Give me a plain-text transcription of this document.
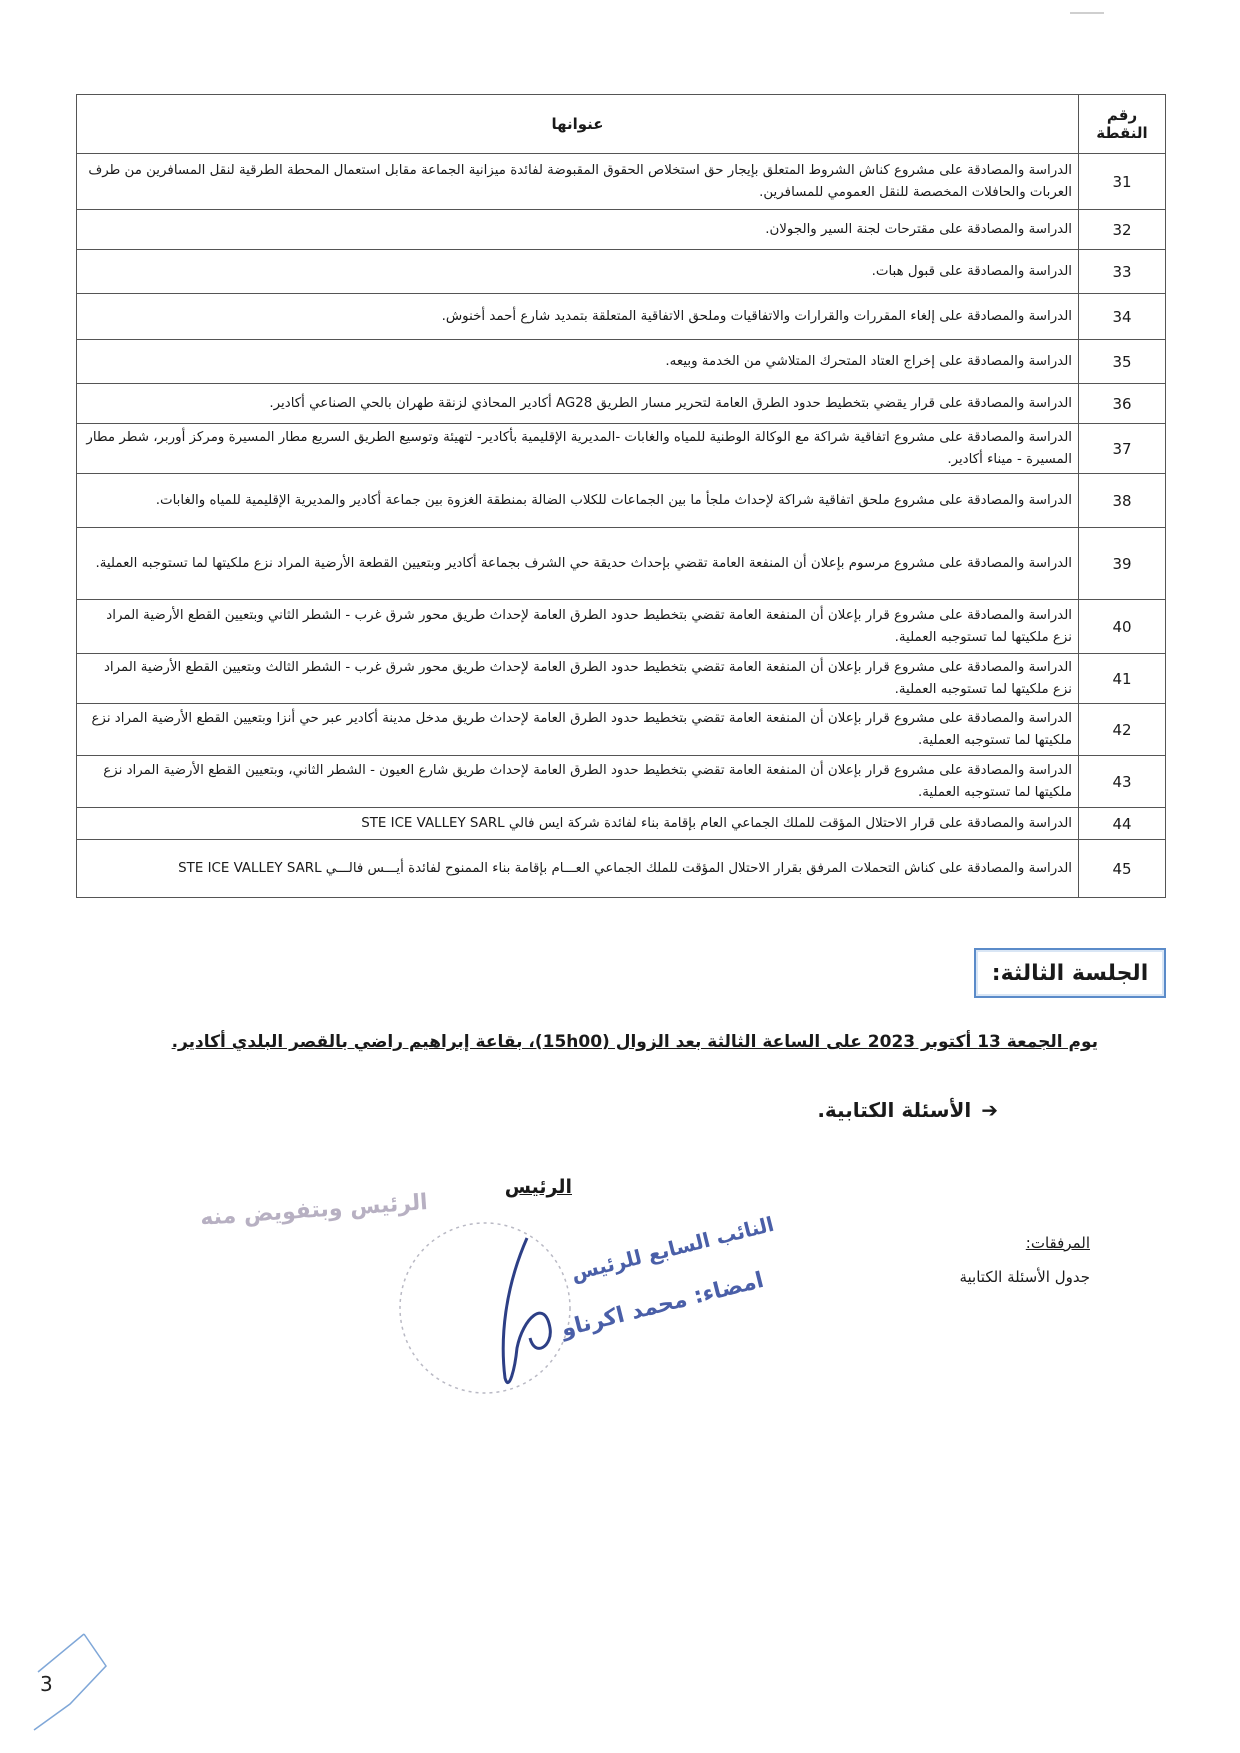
رقم النقطة	عنوانها
31	الدراسة والمصادقة على مشروع كناش الشروط المتعلق بإيجار حق استخلاص الحقوق المقبوضة لفائدة ميزانية الجماعة مقابل استعمال المحطة الطرقية لنقل المسافرين من طرف العربات والحافلات المخصصة للنقل العمومي للمسافرين.
32	الدراسة والمصادقة على مقترحات لجنة السير والجولان.
33	الدراسة والمصادقة على قبول هبات.
34	الدراسة والمصادقة على إلغاء المقررات والقرارات والاتفاقيات وملحق الاتفاقية المتعلقة بتمديد شارع أحمد أخنوش.
35	الدراسة والمصادقة على إخراج العتاد المتحرك المتلاشي من الخدمة وبيعه.
36	الدراسة والمصادقة على قرار يقضي بتخطيط حدود الطرق العامة لتحرير مسار الطريق AG28 أكادير المحاذي لزنقة طهران بالحي الصناعي أكادير.
37	الدراسة والمصادقة على مشروع اتفاقية شراكة مع الوكالة الوطنية للمياه والغابات -المديرية الإقليمية بأكادير- لتهيئة وتوسيع الطريق السريع مطار المسيرة ومركز أوربر، شطر مطار المسيرة - ميناء أكادير.
38	الدراسة والمصادقة على مشروع ملحق اتفاقية شراكة لإحداث ملجأ ما بين الجماعات للكلاب الضالة بمنطقة الغزوة بين جماعة أكادير والمديرية الإقليمية للمياه والغابات.
39	الدراسة والمصادقة على مشروع مرسوم بإعلان أن المنفعة العامة تقضي بإحداث حديقة حي الشرف بجماعة أكادير وبتعيين القطعة الأرضية المراد نزع ملكيتها لما تستوجبه العملية.
40	الدراسة والمصادقة على مشروع قرار بإعلان أن المنفعة العامة تقضي بتخطيط حدود الطرق العامة لإحداث طريق محور شرق غرب - الشطر الثاني وبتعيين القطع الأرضية المراد نزع ملكيتها لما تستوجبه العملية.
41	الدراسة والمصادقة على مشروع قرار بإعلان أن المنفعة العامة تقضي بتخطيط حدود الطرق العامة لإحداث طريق محور شرق غرب - الشطر الثالث وبتعيين القطع الأرضية المراد نزع ملكيتها لما تستوجبه العملية.
42	الدراسة والمصادقة على مشروع قرار بإعلان أن المنفعة العامة تقضي بتخطيط حدود الطرق العامة لإحداث طريق مدخل مدينة أكادير عبر حي أنزا وبتعيين القطع الأرضية المراد نزع ملكيتها لما تستوجبه العملية.
43	الدراسة والمصادقة على مشروع قرار بإعلان أن المنفعة العامة تقضي بتخطيط حدود الطرق العامة لإحداث طريق شارع العيون - الشطر الثاني، وبتعيين القطع الأرضية المراد نزع ملكيتها لما تستوجبه العملية.
44	الدراسة والمصادقة على قرار الاحتلال المؤقت للملك الجماعي العام بإقامة بناء لفائدة شركة ايس فالي STE ICE VALLEY SARL
45	الدراسة والمصادقة على كناش التحملات المرفق بقرار الاحتلال المؤقت للملك الجماعي العـــام بإقامة بناء الممنوح لفائدة أيـــس فالـــي STE ICE VALLEY SARL
الجلسة الثالثة:
يوم الجمعة 13 أكتوبر 2023 على الساعة الثالثة بعد الزوال (15h00)، بقاعة إبراهيم راضي بالقصر البلدي أكادير.
➔
الأسئلة الكتابية.
الرئيس
الرئيس وبتفويض منه
النائب السابع للرئيس
امضاء: محمد اكرناو
المرفقات:
جدول الأسئلة الكتابية
3
